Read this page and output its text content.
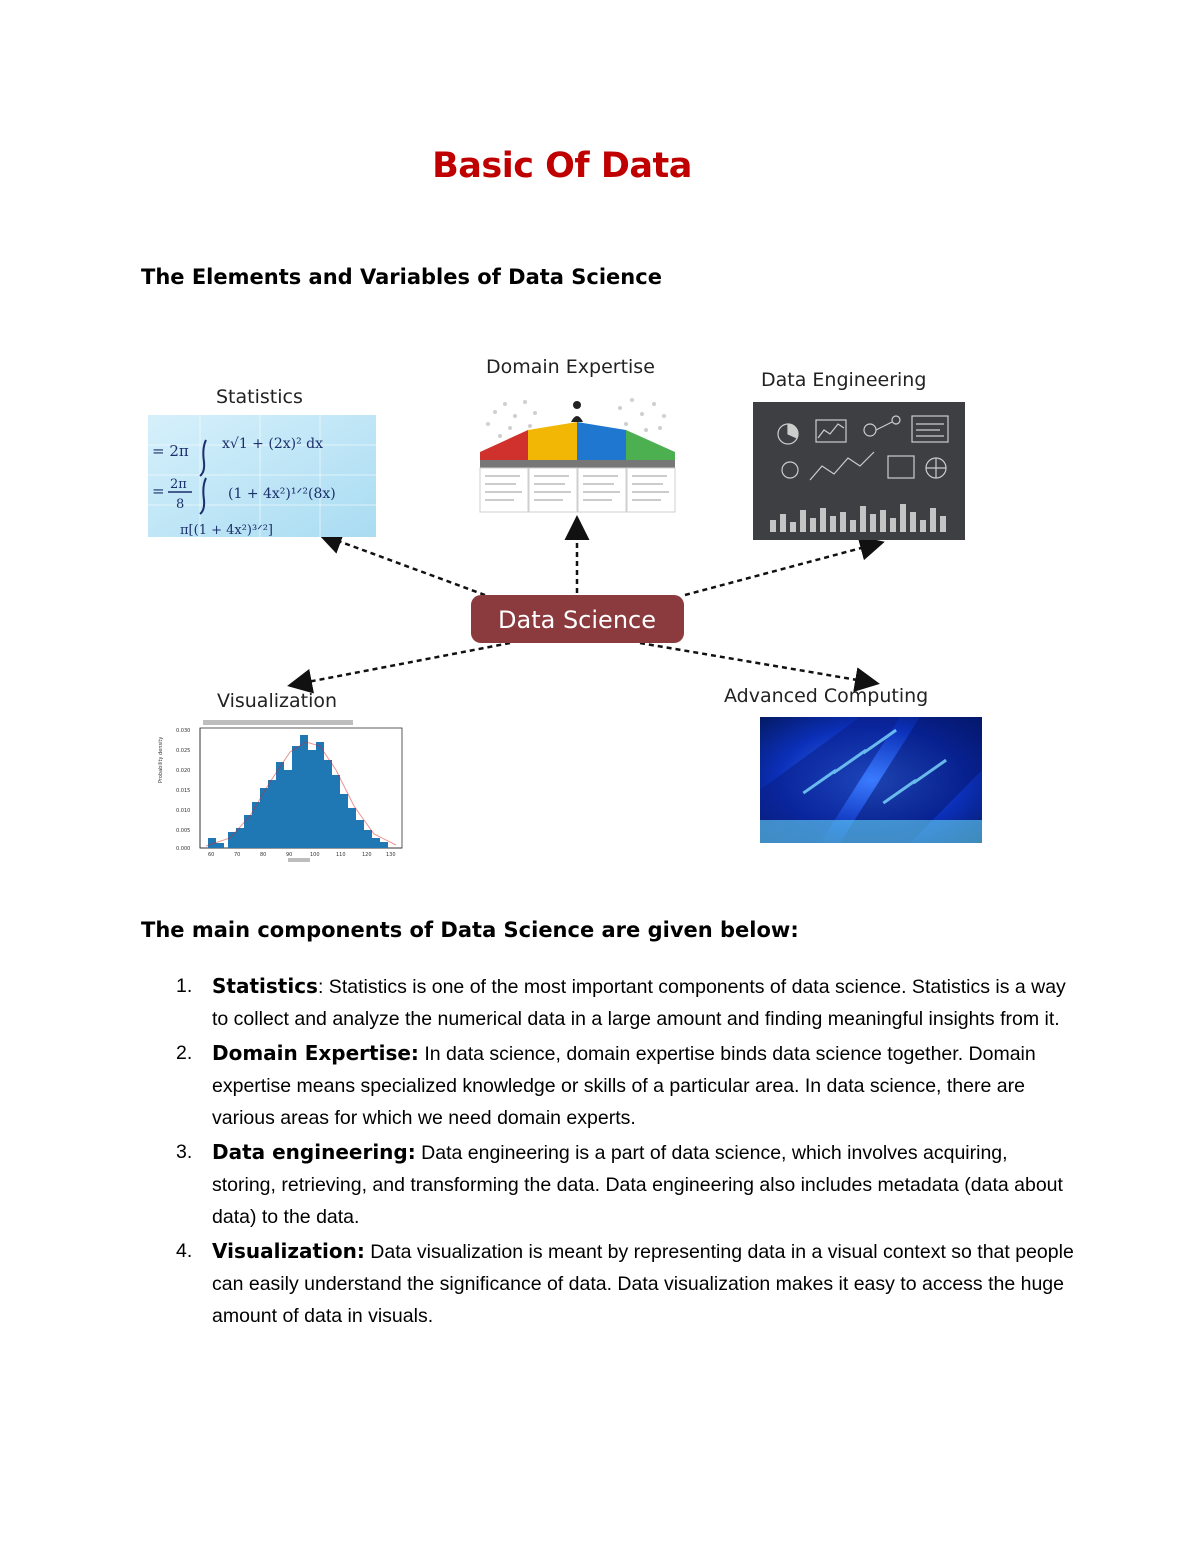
Basic Of Data
The Elements and Variables of Data Science
Data Science
Statistics
= 2π x√1 + (2x)² dx
= 2π
8
(1 + 4x²)¹ᐟ²(8x)
π[(1 + 4x²)³ᐟ²]
Domain Expertise
Data Engineering
Visualization
Probability density
60	70	80	90	100	110	120	130
0.030
0.025
0.020
0.015
0.010
0.005
0.000
Advanced Computing
The main components of Data Science are given below:
1. Statistics: Statistics is one of the most important components of data science. Statistics is a way to collect and analyze the numerical data in a large amount and finding meaningful insights from it.
2. Domain Expertise: In data science, domain expertise binds data science together. Domain expertise means specialized knowledge or skills of a particular area. In data science, there are various areas for which we need domain experts.
3. Data engineering: Data engineering is a part of data science, which involves acquiring, storing, retrieving, and transforming the data. Data engineering also includes metadata (data about data) to the data.
4. Visualization: Data visualization is meant by representing data in a visual context so that people can easily understand the significance of data. Data visualization makes it easy to access the huge amount of data in visuals.
